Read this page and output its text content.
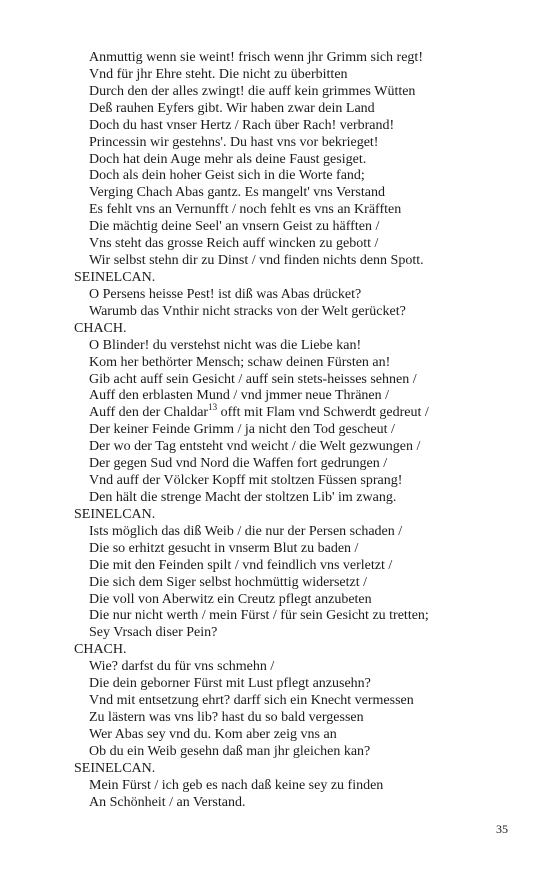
Anmuttig wenn sie weint! frisch wenn jhr Grimm sich regt!
Vnd für jhr Ehre steht. Die nicht zu überbitten
Durch den der alles zwingt! die auff kein grimmes Wütten
Deß rauhen Eyfers gibt. Wir haben zwar dein Land
Doch du hast vnser Hertz / Rach über Rach! verbrand!
Princessin wir gestehns'. Du hast vns vor bekrieget!
Doch hat dein Auge mehr als deine Faust gesiget.
Doch als dein hoher Geist sich in die Worte fand;
Verging Chach Abas gantz. Es mangelt' vns Verstand
Es fehlt vns an Vernunfft / noch fehlt es vns an Kräfften
Die mächtig deine Seel' an vnsern Geist zu häfften /
Vns steht das grosse Reich auff wincken zu gebott /
Wir selbst stehn dir zu Dinst / vnd finden nichts denn Spott.
SEINELCAN.
O Persens heisse Pest! ist diß was Abas drücket?
Warumb das Vnthir nicht stracks von der Welt gerücket?
CHACH.
O Blinder! du verstehst nicht was die Liebe kan!
Kom her bethörter Mensch; schaw deinen Fürsten an!
Gib acht auff sein Gesicht / auff sein stets-heisses sehnen /
Auff den erblasten Mund / vnd jmmer neue Thränen /
Auff den der Chaldar$^{13}$ offt mit Flam vnd Schwerdt gedreut /
Der keiner Feinde Grimm / ja nicht den Tod gescheut /
Der wo der Tag entsteht vnd weicht / die Welt gezwungen /
Der gegen Sud vnd Nord die Waffen fort gedrungen /
Vnd auff der Völcker Kopff mit stoltzen Füssen sprang!
Den hält die strenge Macht der stoltzen Lib' im zwang.
SEINELCAN.
Ists möglich das diß Weib / die nur der Persen schaden /
Die so erhitzt gesucht in vnserm Blut zu baden /
Die mit den Feinden spilt / vnd feindlich vns verletzt /
Die sich dem Siger selbst hochmüttig widersetzt /
Die voll von Aberwitz ein Creutz pflegt anzubeten
Die nur nicht werth / mein Fürst / für sein Gesicht zu tretten;
Sey Vrsach diser Pein?
CHACH.
Wie? darfst du für vns schmehn /
Die dein geborner Fürst mit Lust pflegt anzusehn?
Vnd mit entsetzung ehrt? darff sich ein Knecht vermessen
Zu lästern was vns lib? hast du so bald vergessen
Wer Abas sey vnd du. Kom aber zeig vns an
Ob du ein Weib gesehn daß man jhr gleichen kan?
SEINELCAN.
Mein Fürst / ich geb es nach daß keine sey zu finden
An Schönheit / an Verstand.
35
